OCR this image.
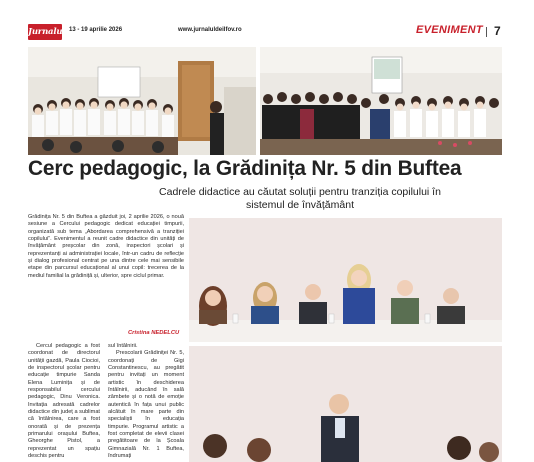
Jurnalul 13 - 19 aprilie 2026	www.jurnaluldeilfov.ro	EVENIMENT 7
Cerc pedagogic, la Grădinița Nr. 5 din Buftea
Cadrele didactice au căutat soluții pentru tranziția copilului în sistemul de învățământ

Grădinița Nr. 5 din Buftea a găzduit joi, 2 aprilie 2026, o nouă sesiune a Cercului pedagogic dedicat educației timpurii, organizată sub tema „Abordarea comprehensivă a tranziției copilului”. Evenimentul a reunit cadre didactice din unități de învățământ preșcolar din zonă, inspectori școlari și reprezentanți ai administrației locale, într-un cadru de reflecție și dialog profesional centrat pe una dintre cele mai sensibile etape din parcursul educațional al unui copil: trecerea de la mediul familial la grădiniță și, ulterior, spre ciclul primar.

Cristina NEDELCU

Cercul pedagogic a fost coordonat de directorul unității gazdă, Paula Ciocioi, de inspectorul școlar pentru educație timpurie Sanda Elena Luminița și de responsabilul cercului pedagogic, Dinu Veronica. Invitația adresată cadrelor didactice din județ a sublimat că întâlnirea, care a fost onorată și de prezența primarului orașului Buftea, Gheorghe Pistol, a reprezentat un spațiu deschis pentru

sul întâlnirii.

Prescolarii Grădiniței Nr. 5, coordonați de Gigi Constantinescu, au pregătit pentru invitați un moment artistic în deschiderea întâlnirii, aducând în sală zâmbete și o notă de emoție autentică în fața unui public alcătuit în mare parte din specialiști în educația timpurie. Programul artistic a fost completat de elevii clasei pregătitoare de la Școala Gimnazială Nr. 1 Buftea, îndrumați
